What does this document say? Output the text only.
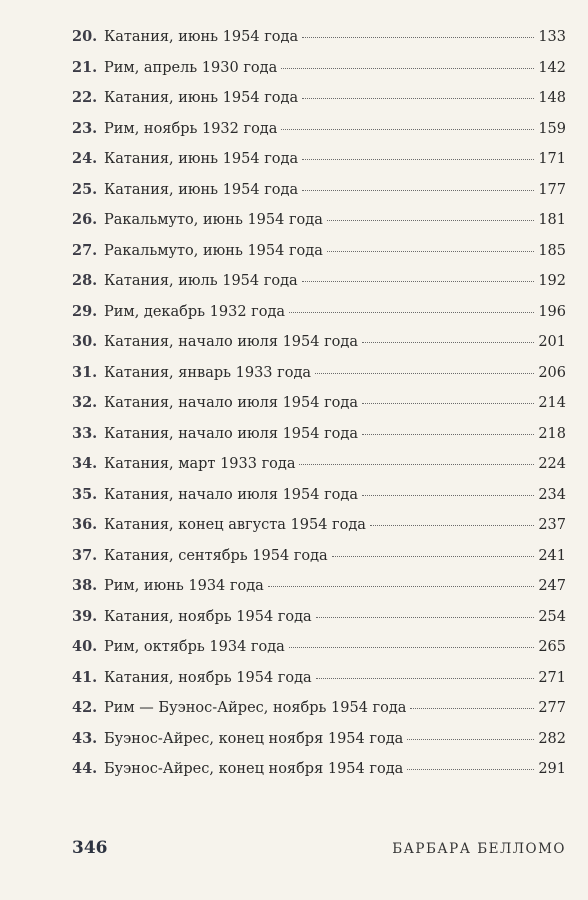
20. Катания, июнь 1954 года	133
21. Рим, апрель 1930 года	142
22. Катания, июнь 1954 года	148
23. Рим, ноябрь 1932 года	159
24. Катания, июнь 1954 года	171
25. Катания, июнь 1954 года	177
26. Ракальмуто, июнь 1954 года	181
27. Ракальмуто, июнь 1954 года	185
28. Катания, июль 1954 года	192
29. Рим, декабрь 1932 года	196
30. Катания, начало июля 1954 года	201
31. Катания, январь 1933 года	206
32. Катания, начало июля 1954 года	214
33. Катания, начало июля 1954 года	218
34. Катания, март 1933 года	224
35. Катания, начало июля 1954 года	234
36. Катания, конец августа 1954 года	237
37. Катания, сентябрь 1954 года	241
38. Рим, июнь 1934 года	247
39. Катания, ноябрь 1954 года	254
40. Рим, октябрь 1934 года	265
41. Катания, ноябрь 1954 года	271
42. Рим — Буэнос-Айрес, ноябрь 1954 года	277
43. Буэнос-Айрес, конец ноября 1954 года	282
44. Буэнос-Айрес, конец ноября 1954 года	291
346	БАРБАРА БЕЛЛОМО
